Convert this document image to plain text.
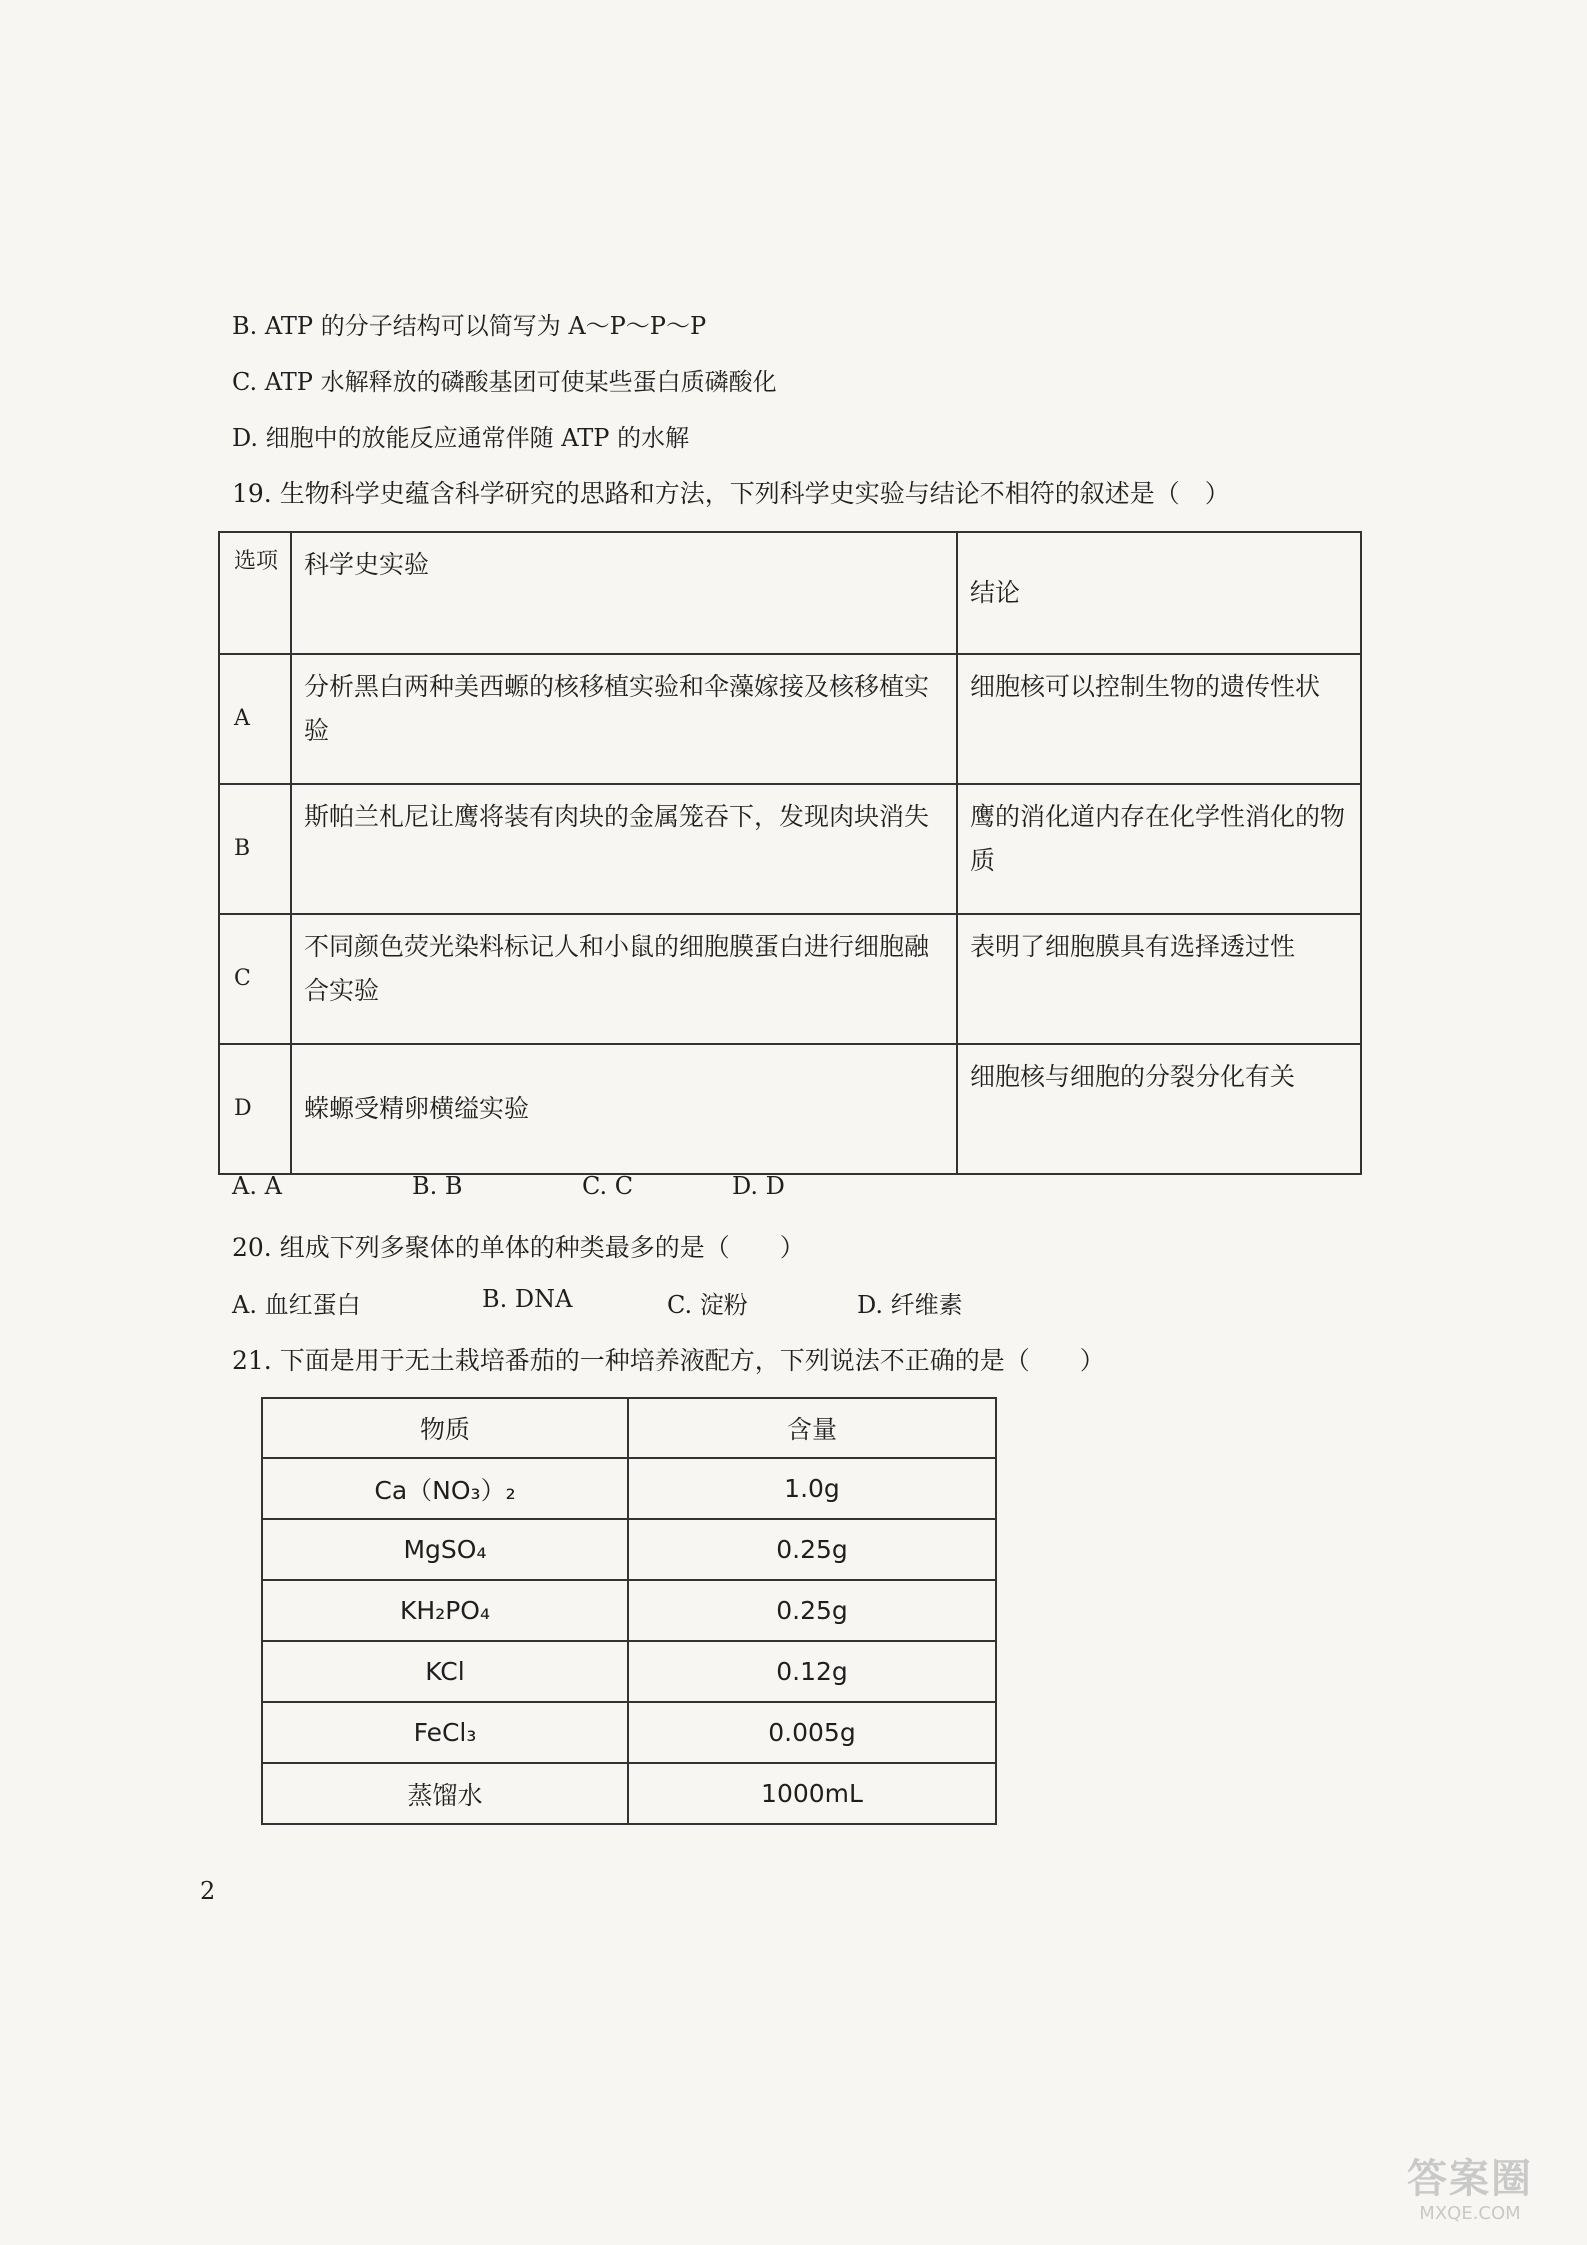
B. ATP 的分子结构可以简写为 A～P～P～P
C. ATP 水解释放的磷酸基团可使某些蛋白质磷酸化
D. 细胞中的放能反应通常伴随 ATP 的水解
19. 生物科学史蕴含科学研究的思路和方法，下列科学史实验与结论不相符的叙述是（　）
选项	科学史实验	结论
A	分析黑白两种美西螈的核移植实验和伞藻嫁接及核移植实验	细胞核可以控制生物的遗传性状
B	斯帕兰札尼让鹰将装有肉块的金属笼吞下，发现肉块消失	鹰的消化道内存在化学性消化的物质
C	不同颜色荧光染料标记人和小鼠的细胞膜蛋白进行细胞融合实验	表明了细胞膜具有选择透过性
D	蝾螈受精卵横缢实验	细胞核与细胞的分裂分化有关
A. A	B. B	C. C	D. D
20. 组成下列多聚体的单体的种类最多的是（　　）
A. 血红蛋白	B. DNA	C. 淀粉	D. 纤维素
21. 下面是用于无土栽培番茄的一种培养液配方，下列说法不正确的是（　　）
物质	含量
Ca（NO₃）₂	1.0g
MgSO₄	0.25g
KH₂PO₄	0.25g
KCl	0.12g
FeCl₃	0.005g
蒸馏水	1000mL
2
答案圈
MXQE.COM
